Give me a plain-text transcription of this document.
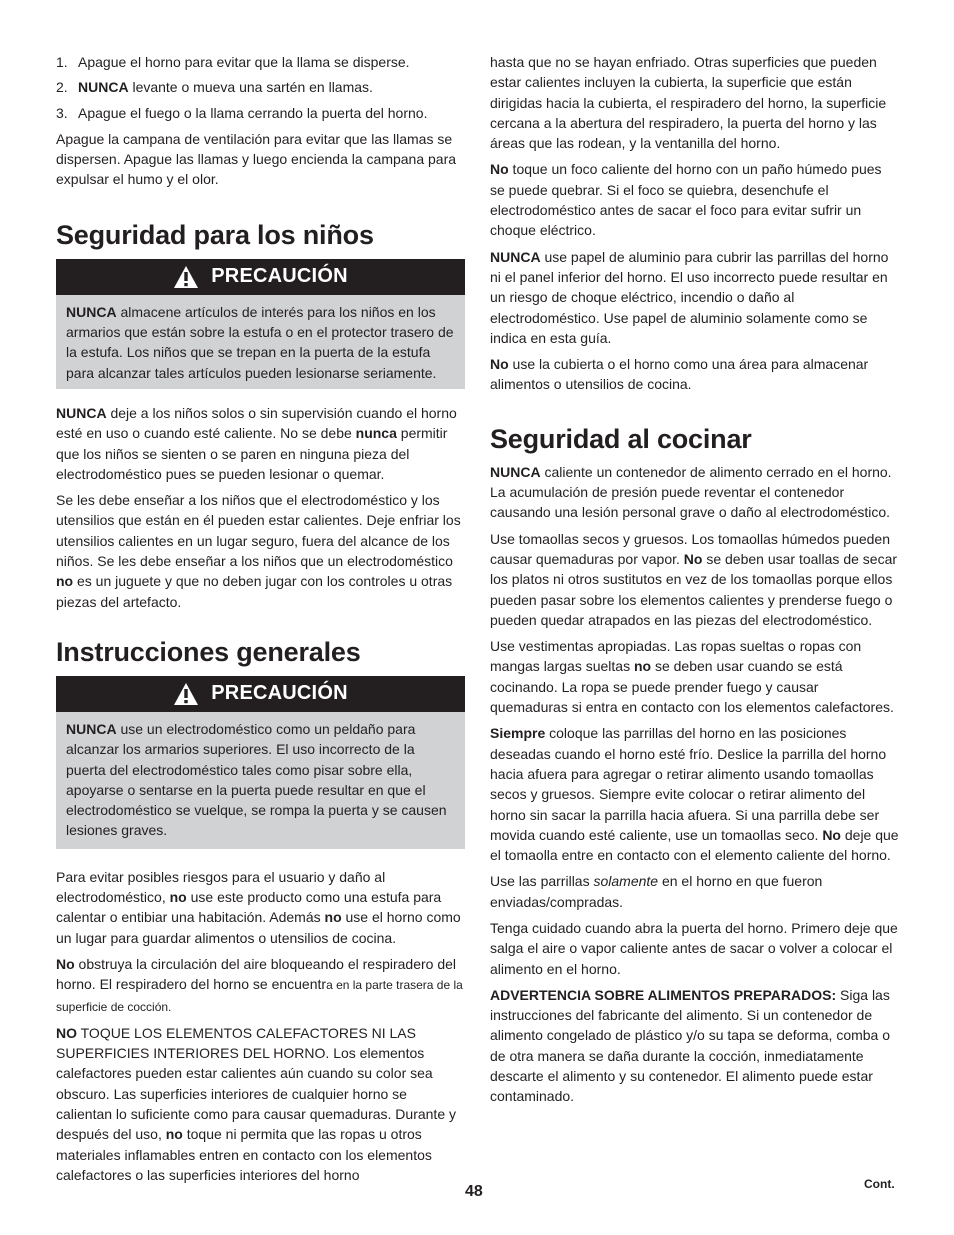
1. Apague el horno para evitar que la llama se disperse.
2. NUNCA levante o mueva una sartén en llamas.
3. Apague el fuego o la llama cerrando la puerta del horno.

Apague la campana de ventilación para evitar que las llamas se dispersen. Apague las llamas y luego encienda la campana para expulsar el humo y el olor.

Seguridad para los niños
PRECAUCIÓN

NUNCA almacene artículos de interés para los niños en los armarios que están sobre la estufa o en el protector trasero de la estufa. Los niños que se trepan en la puerta de la estufa para alcanzar tales artículos pueden lesionarse seriamente.

NUNCA deje a los niños solos o sin supervisión cuando el horno esté en uso o cuando esté caliente. No se debe nunca permitir que los niños se sienten o se paren en ninguna pieza del electrodoméstico pues se pueden lesionar o quemar.

Se les debe enseñar a los niños que el electrodoméstico y los utensilios que están en él pueden estar calientes. Deje enfriar los utensilios calientes en un lugar seguro, fuera del alcance de los niños. Se les debe enseñar a los niños que un electrodoméstico no es un juguete y que no deben jugar con los controles u otras piezas del artefacto.

Instrucciones generales
PRECAUCIÓN

NUNCA use un electrodoméstico como un peldaño para alcanzar los armarios superiores. El uso incorrecto de la puerta del electrodoméstico tales como pisar sobre ella, apoyarse o sentarse en la puerta puede resultar en que el electrodoméstico se vuelque, se rompa la puerta y se causen lesiones graves.

Para evitar posibles riesgos para el usuario y daño al electrodoméstico, no use este producto como una estufa para calentar o entibiar una habitación. Además no use el horno como un lugar para guardar alimentos o utensilios de cocina.

No obstruya la circulación del aire bloqueando el respiradero del horno. El respiradero del horno se encuentra en la parte trasera de la superficie de cocción.

NO TOQUE LOS ELEMENTOS CALEFACTORES NI LAS SUPERFICIES INTERIORES DEL HORNO. Los elementos calefactores pueden estar calientes aún cuando su color sea obscuro. Las superficies interiores de cualquier horno se calientan lo suficiente como para causar quemaduras. Durante y después del uso, no toque ni permita que las ropas u otros materiales inflamables entren en contacto con los elementos calefactores o las superficies interiores del horno

hasta que no se hayan enfriado. Otras superficies que pueden estar calientes incluyen la cubierta, la superficie que están dirigidas hacia la cubierta, el respiradero del horno, la superficie cercana a la abertura del respiradero, la puerta del horno y las áreas que las rodean, y la ventanilla del horno.

No toque un foco caliente del horno con un paño húmedo pues se puede quebrar. Si el foco se quiebra, desenchufe el electrodoméstico antes de sacar el foco para evitar sufrir un choque eléctrico.

NUNCA use papel de aluminio para cubrir las parrillas del horno ni el panel inferior del horno. El uso incorrecto puede resultar en un riesgo de choque eléctrico, incendio o daño al electrodoméstico. Use papel de aluminio solamente como se indica en esta guía.

No use la cubierta o el horno como una área para almacenar alimentos o utensilios de cocina.

Seguridad al cocinar

NUNCA caliente un contenedor de alimento cerrado en el horno. La acumulación de presión puede reventar el contenedor causando una lesión personal grave o daño al electrodoméstico.

Use tomaollas secos y gruesos. Los tomaollas húmedos pueden causar quemaduras por vapor. No se deben usar toallas de secar los platos ni otros sustitutos en vez de los tomaollas porque ellos pueden pasar sobre los elementos calientes y prenderse fuego o pueden quedar atrapados en las piezas del electrodoméstico.

Use vestimentas apropiadas. Las ropas sueltas o ropas con mangas largas sueltas no se deben usar cuando se está cocinando. La ropa se puede prender fuego y causar quemaduras si entra en contacto con los elementos calefactores.

Siempre coloque las parrillas del horno en las posiciones deseadas cuando el horno esté frío. Deslice la parrilla del horno hacia afuera para agregar o retirar alimento usando tomaollas secos y gruesos. Siempre evite colocar o retirar alimento del horno sin sacar la parrilla hacia afuera. Si una parrilla debe ser movida cuando esté caliente, use un tomaollas seco. No deje que el tomaolla entre en contacto con el elemento caliente del horno.

Use las parrillas solamente en el horno en que fueron enviadas/compradas.

Tenga cuidado cuando abra la puerta del horno. Primero deje que salga el aire o vapor caliente antes de sacar o volver a colocar el alimento en el horno.

ADVERTENCIA SOBRE ALIMENTOS PREPARADOS: Siga las instrucciones del fabricante del alimento. Si un contenedor de alimento congelado de plástico y/o su tapa se deforma, comba o de otra manera se daña durante la cocción, inmediatamente descarte el alimento y su contenedor. El alimento puede estar contaminado.

48	Cont.
